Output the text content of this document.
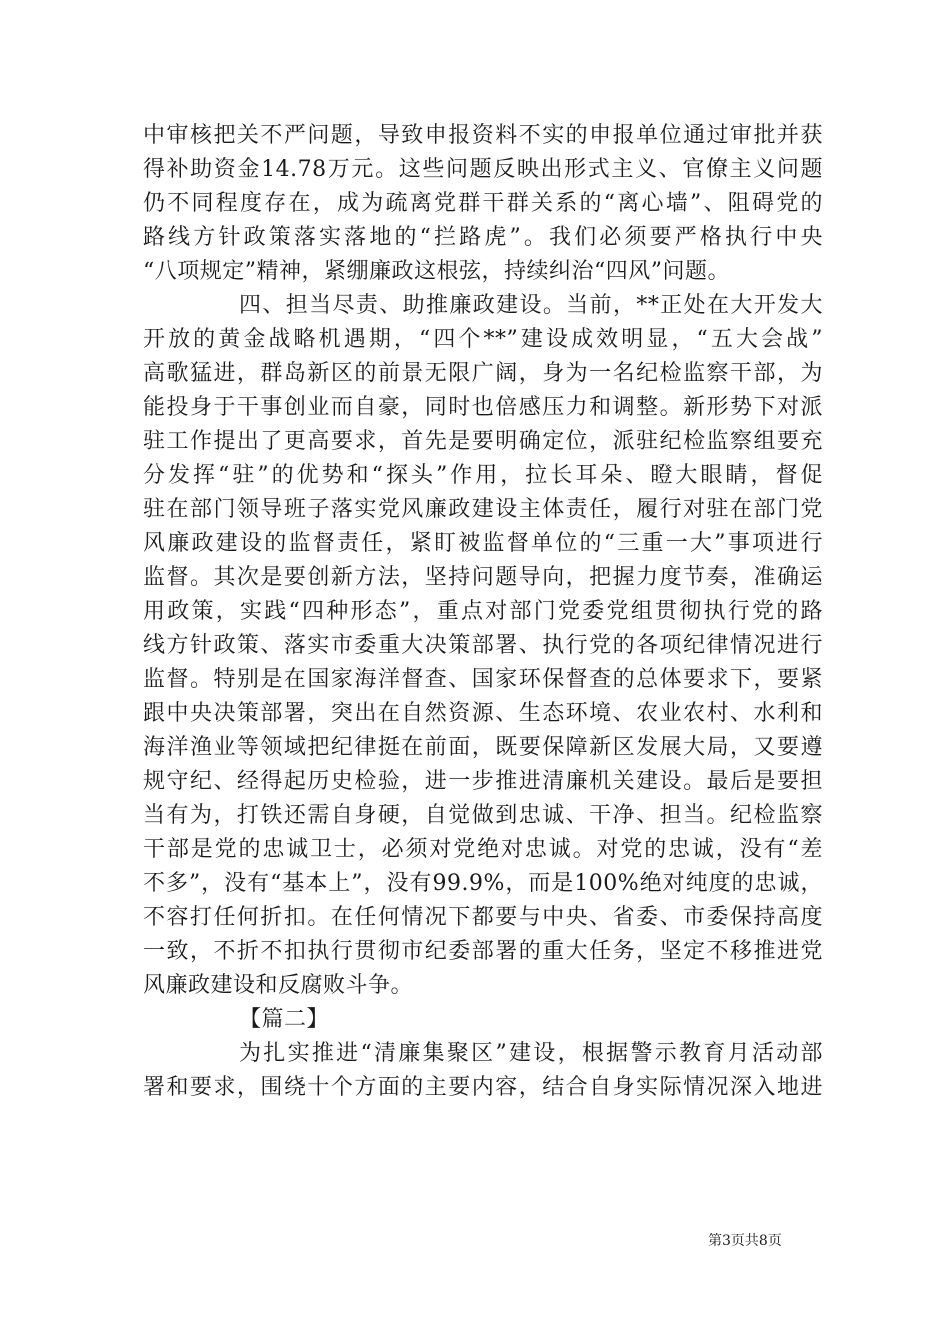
中审核把关不严问题，导致申报资料不实的申报单位通过审批并获
得补助资金14.78万元。这些问题反映出形式主义、官僚主义问题
仍不同程度存在，成为疏离党群干群关系的“离心墙”、阻碍党的
路线方针政策落实落地的“拦路虎”。我们必须要严格执行中央
“八项规定”精神，紧绷廉政这根弦，持续纠治“四风”问题。
四、担当尽责、助推廉政建设。当前，**正处在大开发大
开放的黄金战略机遇期，“四个**”建设成效明显，“五大会战”
高歌猛进，群岛新区的前景无限广阔，身为一名纪检监察干部，为
能投身于干事创业而自豪，同时也倍感压力和调整。新形势下对派
驻工作提出了更高要求，首先是要明确定位，派驻纪检监察组要充
分发挥“驻”的优势和“探头”作用，拉长耳朵、瞪大眼睛，督促
驻在部门领导班子落实党风廉政建设主体责任，履行对驻在部门党
风廉政建设的监督责任，紧盯被监督单位的“三重一大”事项进行
监督。其次是要创新方法，坚持问题导向，把握力度节奏，准确运
用政策，实践“四种形态”，重点对部门党委党组贯彻执行党的路
线方针政策、落实市委重大决策部署、执行党的各项纪律情况进行
监督。特别是在国家海洋督查、国家环保督查的总体要求下，要紧
跟中央决策部署，突出在自然资源、生态环境、农业农村、水利和
海洋渔业等领域把纪律挺在前面，既要保障新区发展大局，又要遵
规守纪、经得起历史检验，进一步推进清廉机关建设。最后是要担
当有为，打铁还需自身硬，自觉做到忠诚、干净、担当。纪检监察
干部是党的忠诚卫士，必须对党绝对忠诚。对党的忠诚，没有“差
不多”，没有“基本上”，没有99.9%，而是100%绝对纯度的忠诚，
不容打任何折扣。在任何情况下都要与中央、省委、市委保持高度
一致，不折不扣执行贯彻市纪委部署的重大任务，坚定不移推进党
风廉政建设和反腐败斗争。
【篇二】
为扎实推进“清廉集聚区”建设，根据警示教育月活动部
署和要求，围绕十个方面的主要内容，结合自身实际情况深入地进
第3页共8页
